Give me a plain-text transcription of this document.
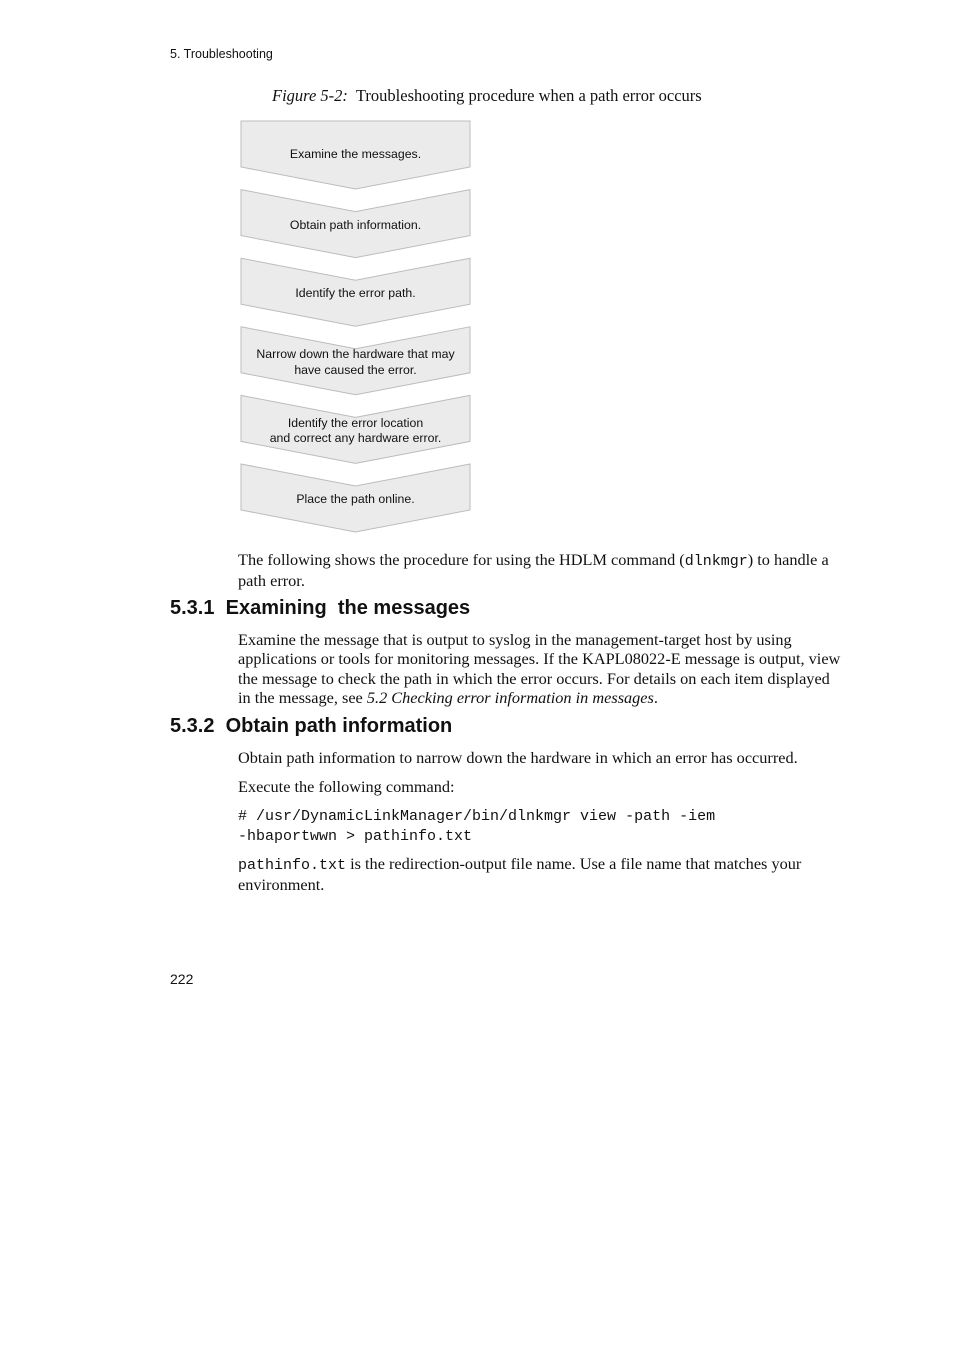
5. Troubleshooting
Figure 5-2: Troubleshooting procedure when a path error occurs
Examine the messages.
Obtain path information.
Identify the error path.
Narrow down the hardware that may
have caused the error.
Identify the error location
and correct any hardware error.
Place the path online.
The following shows the procedure for using the HDLM command (dlnkmgr) to handle a path error.
5.3.1 Examining  the messages
Examine the message that is output to syslog in the management-target host by using applications or tools for monitoring messages. If the KAPL08022-E message is output, view the message to check the path in which the error occurs. For details on each item displayed in the message, see 5.2 Checking error information in messages.
5.3.2 Obtain path information
Obtain path information to narrow down the hardware in which an error has occurred.
Execute the following command:
# /usr/DynamicLinkManager/bin/dlnkmgr view -path -iem
-hbaportwwn > pathinfo.txt
pathinfo.txt is the redirection-output file name. Use a file name that matches your environment.
222
